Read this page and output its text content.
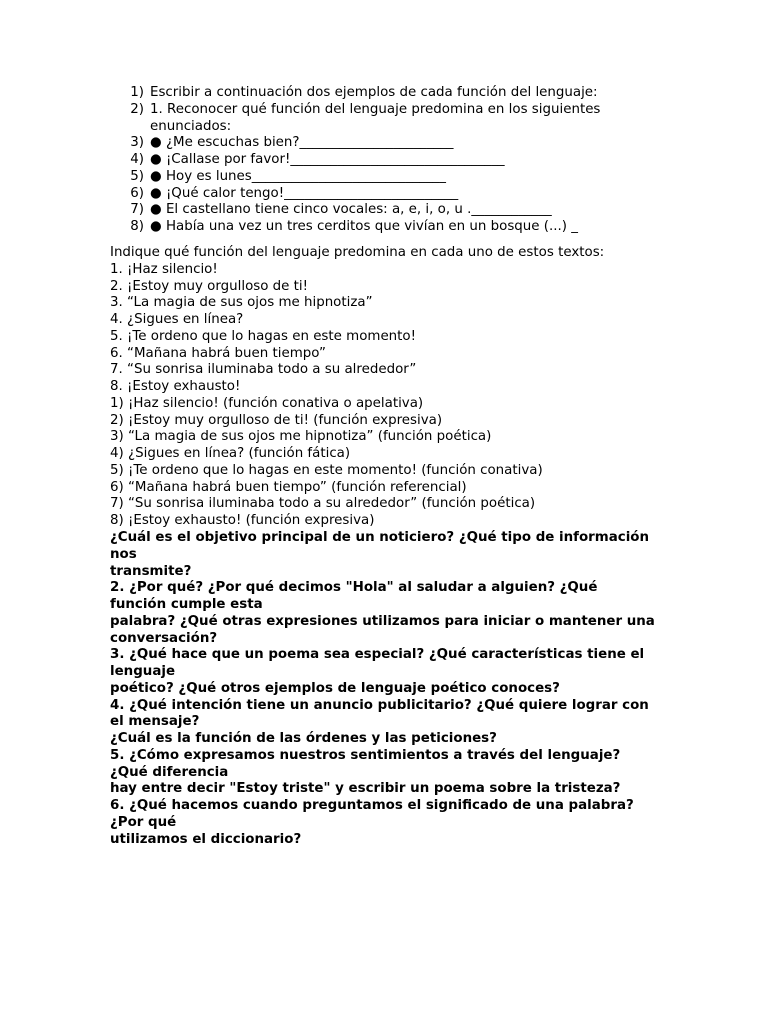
1) Escribir a continuación dos ejemplos de cada función del lenguaje:
2) 1. Reconocer qué función del lenguaje predomina en los siguientes enunciados:
3) ● ¿Me escuchas bien?_______________________
4) ● ¡Callase por favor!________________________________
5) ● Hoy es lunes_____________________________
6) ● ¡Qué calor tengo!__________________________
7) ● El castellano tiene cinco vocales: a, e, i, o, u .____________
8) ● Había una vez un tres cerditos que vivían en un bosque (...) _
Indique qué función del lenguaje predomina en cada uno de estos textos:
1. ¡Haz silencio!
2. ¡Estoy muy orgulloso de ti!
3. “La magia de sus ojos me hipnotiza”
4. ¿Sigues en línea?
5. ¡Te ordeno que lo hagas en este momento!
6. “Mañana habrá buen tiempo”
7. “Su sonrisa iluminaba todo a su alrededor”
8. ¡Estoy exhausto!
1) ¡Haz silencio! (función conativa o apelativa)
2) ¡Estoy muy orgulloso de ti! (función expresiva)
3) “La magia de sus ojos me hipnotiza” (función poética)
4) ¿Sigues en línea? (función fática)
5) ¡Te ordeno que lo hagas en este momento! (función conativa)
6) “Mañana habrá buen tiempo” (función referencial)
7) “Su sonrisa iluminaba todo a su alrededor” (función poética)
8) ¡Estoy exhausto! (función expresiva)
¿Cuál es el objetivo principal de un noticiero? ¿Qué tipo de información nos
transmite?
2. ¿Por qué? ¿Por qué decimos "Hola" al saludar a alguien? ¿Qué función cumple esta
palabra? ¿Qué otras expresiones utilizamos para iniciar o mantener una
conversación?
3. ¿Qué hace que un poema sea especial? ¿Qué características tiene el lenguaje
poético? ¿Qué otros ejemplos de lenguaje poético conoces?
4. ¿Qué intención tiene un anuncio publicitario? ¿Qué quiere lograr con el mensaje?
¿Cuál es la función de las órdenes y las peticiones?
5. ¿Cómo expresamos nuestros sentimientos a través del lenguaje? ¿Qué diferencia
hay entre decir "Estoy triste" y escribir un poema sobre la tristeza?
6. ¿Qué hacemos cuando preguntamos el significado de una palabra? ¿Por qué
utilizamos el diccionario?
